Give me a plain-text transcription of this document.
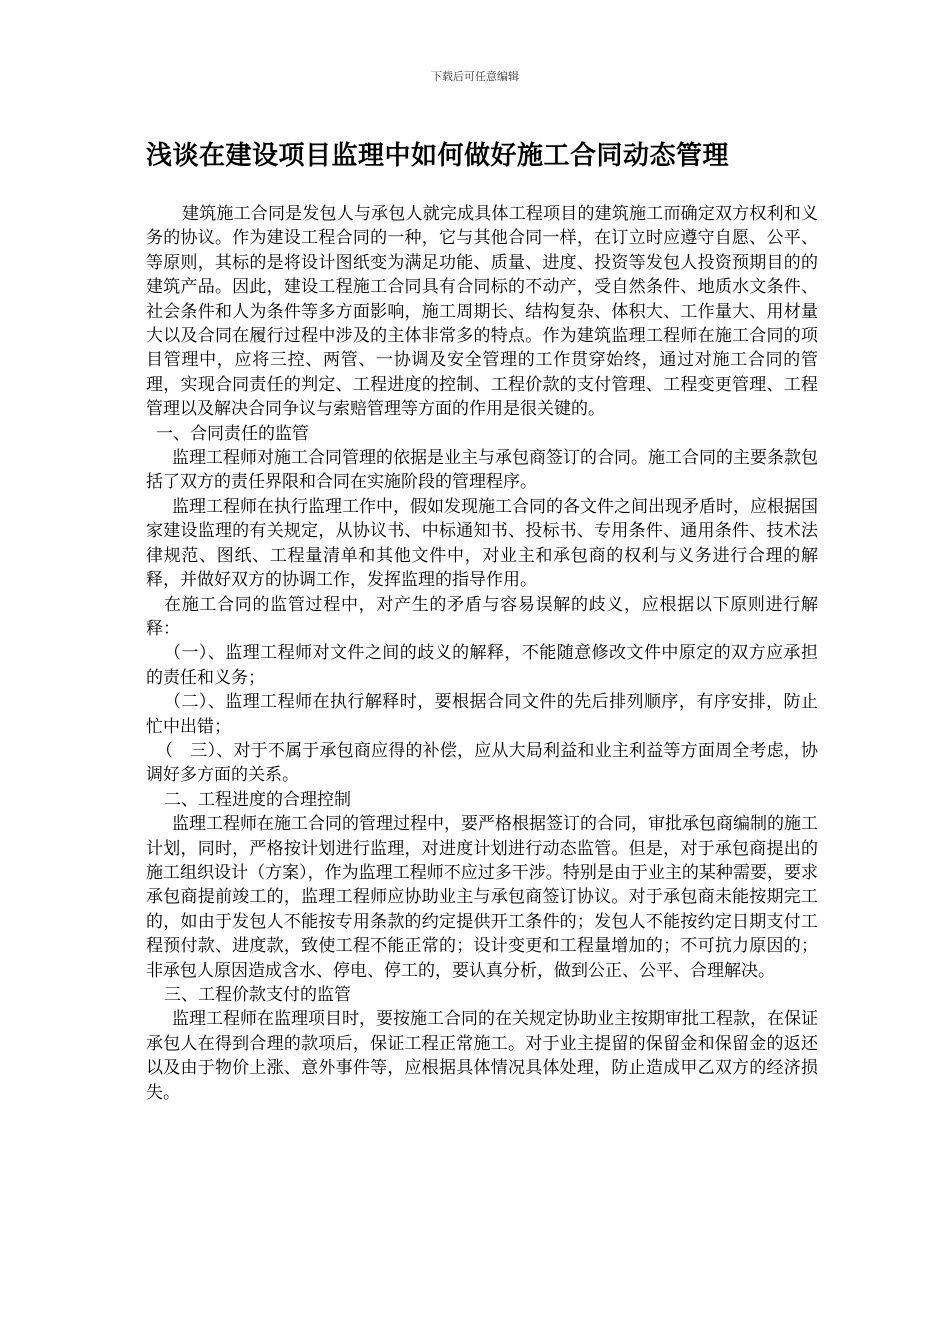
下载后可任意编辑
浅谈在建设项目监理中如何做好施工合同动态管理

建筑施工合同是发包人与承包人就完成具体工程项目的建筑施工而确定双方权利和义务的协议。作为建设工程合同的一种，它与其他合同一样，在订立时应遵守自愿、公平、等原则，其标的是将设计图纸变为满足功能、质量、进度、投资等发包人投资预期目的的建筑产品。因此，建设工程施工合同具有合同标的不动产，受自然条件、地质水文条件、社会条件和人为条件等多方面影响，施工周期长、结构复杂、体积大、工作量大、用材量大以及合同在履行过程中涉及的主体非常多的特点。作为建筑监理工程师在施工合同的项目管理中，应将三控、两管、一协调及安全管理的工作贯穿始终，通过对施工合同的管理，实现合同责任的判定、工程进度的控制、工程价款的支付管理、工程变更管理、工程管理以及解决合同争议与索赔管理等方面的作用是很关键的。

一、合同责任的监管

监理工程师对施工合同管理的依据是业主与承包商签订的合同。施工合同的主要条款包括了双方的责任界限和合同在实施阶段的管理程序。

监理工程师在执行监理工作中，假如发现施工合同的各文件之间出现矛盾时，应根据国家建设监理的有关规定，从协议书、中标通知书、投标书、专用条件、通用条件、技术法律规范、图纸、工程量清单和其他文件中，对业主和承包商的权利与义务进行合理的解释，并做好双方的协调工作，发挥监理的指导作用。

在施工合同的监管过程中，对产生的矛盾与容易误解的歧义，应根据以下原则进行解释：

（一）、监理工程师对文件之间的歧义的解释，不能随意修改文件中原定的双方应承担的责任和义务；

（二）、监理工程师在执行解释时，要根据合同文件的先后排列顺序，有序安排，防止忙中出错；

（　三）、对于不属于承包商应得的补偿，应从大局利益和业主利益等方面周全考虑，协调好多方面的关系。

二、工程进度的合理控制

监理工程师在施工合同的管理过程中，要严格根据签订的合同，审批承包商编制的施工计划，同时，严格按计划进行监理，对进度计划进行动态监管。但是，对于承包商提出的施工组织设计（方案），作为监理工程师不应过多干涉。特别是由于业主的某种需要，要求承包商提前竣工的，监理工程师应协助业主与承包商签订协议。对于承包商未能按期完工的，如由于发包人不能按专用条款的约定提供开工条件的；发包人不能按约定日期支付工程预付款、进度款，致使工程不能正常的；设计变更和工程量增加的；不可抗力原因的；非承包人原因造成含水、停电、停工的，要认真分析，做到公正、公平、合理解决。

三、工程价款支付的监管

监理工程师在监理项目时，要按施工合同的在关规定协助业主按期审批工程款，在保证承包人在得到合理的款项后，保证工程正常施工。对于业主提留的保留金和保留金的返还以及由于物价上涨、意外事件等，应根据具体情况具体处理，防止造成甲乙双方的经济损失。
